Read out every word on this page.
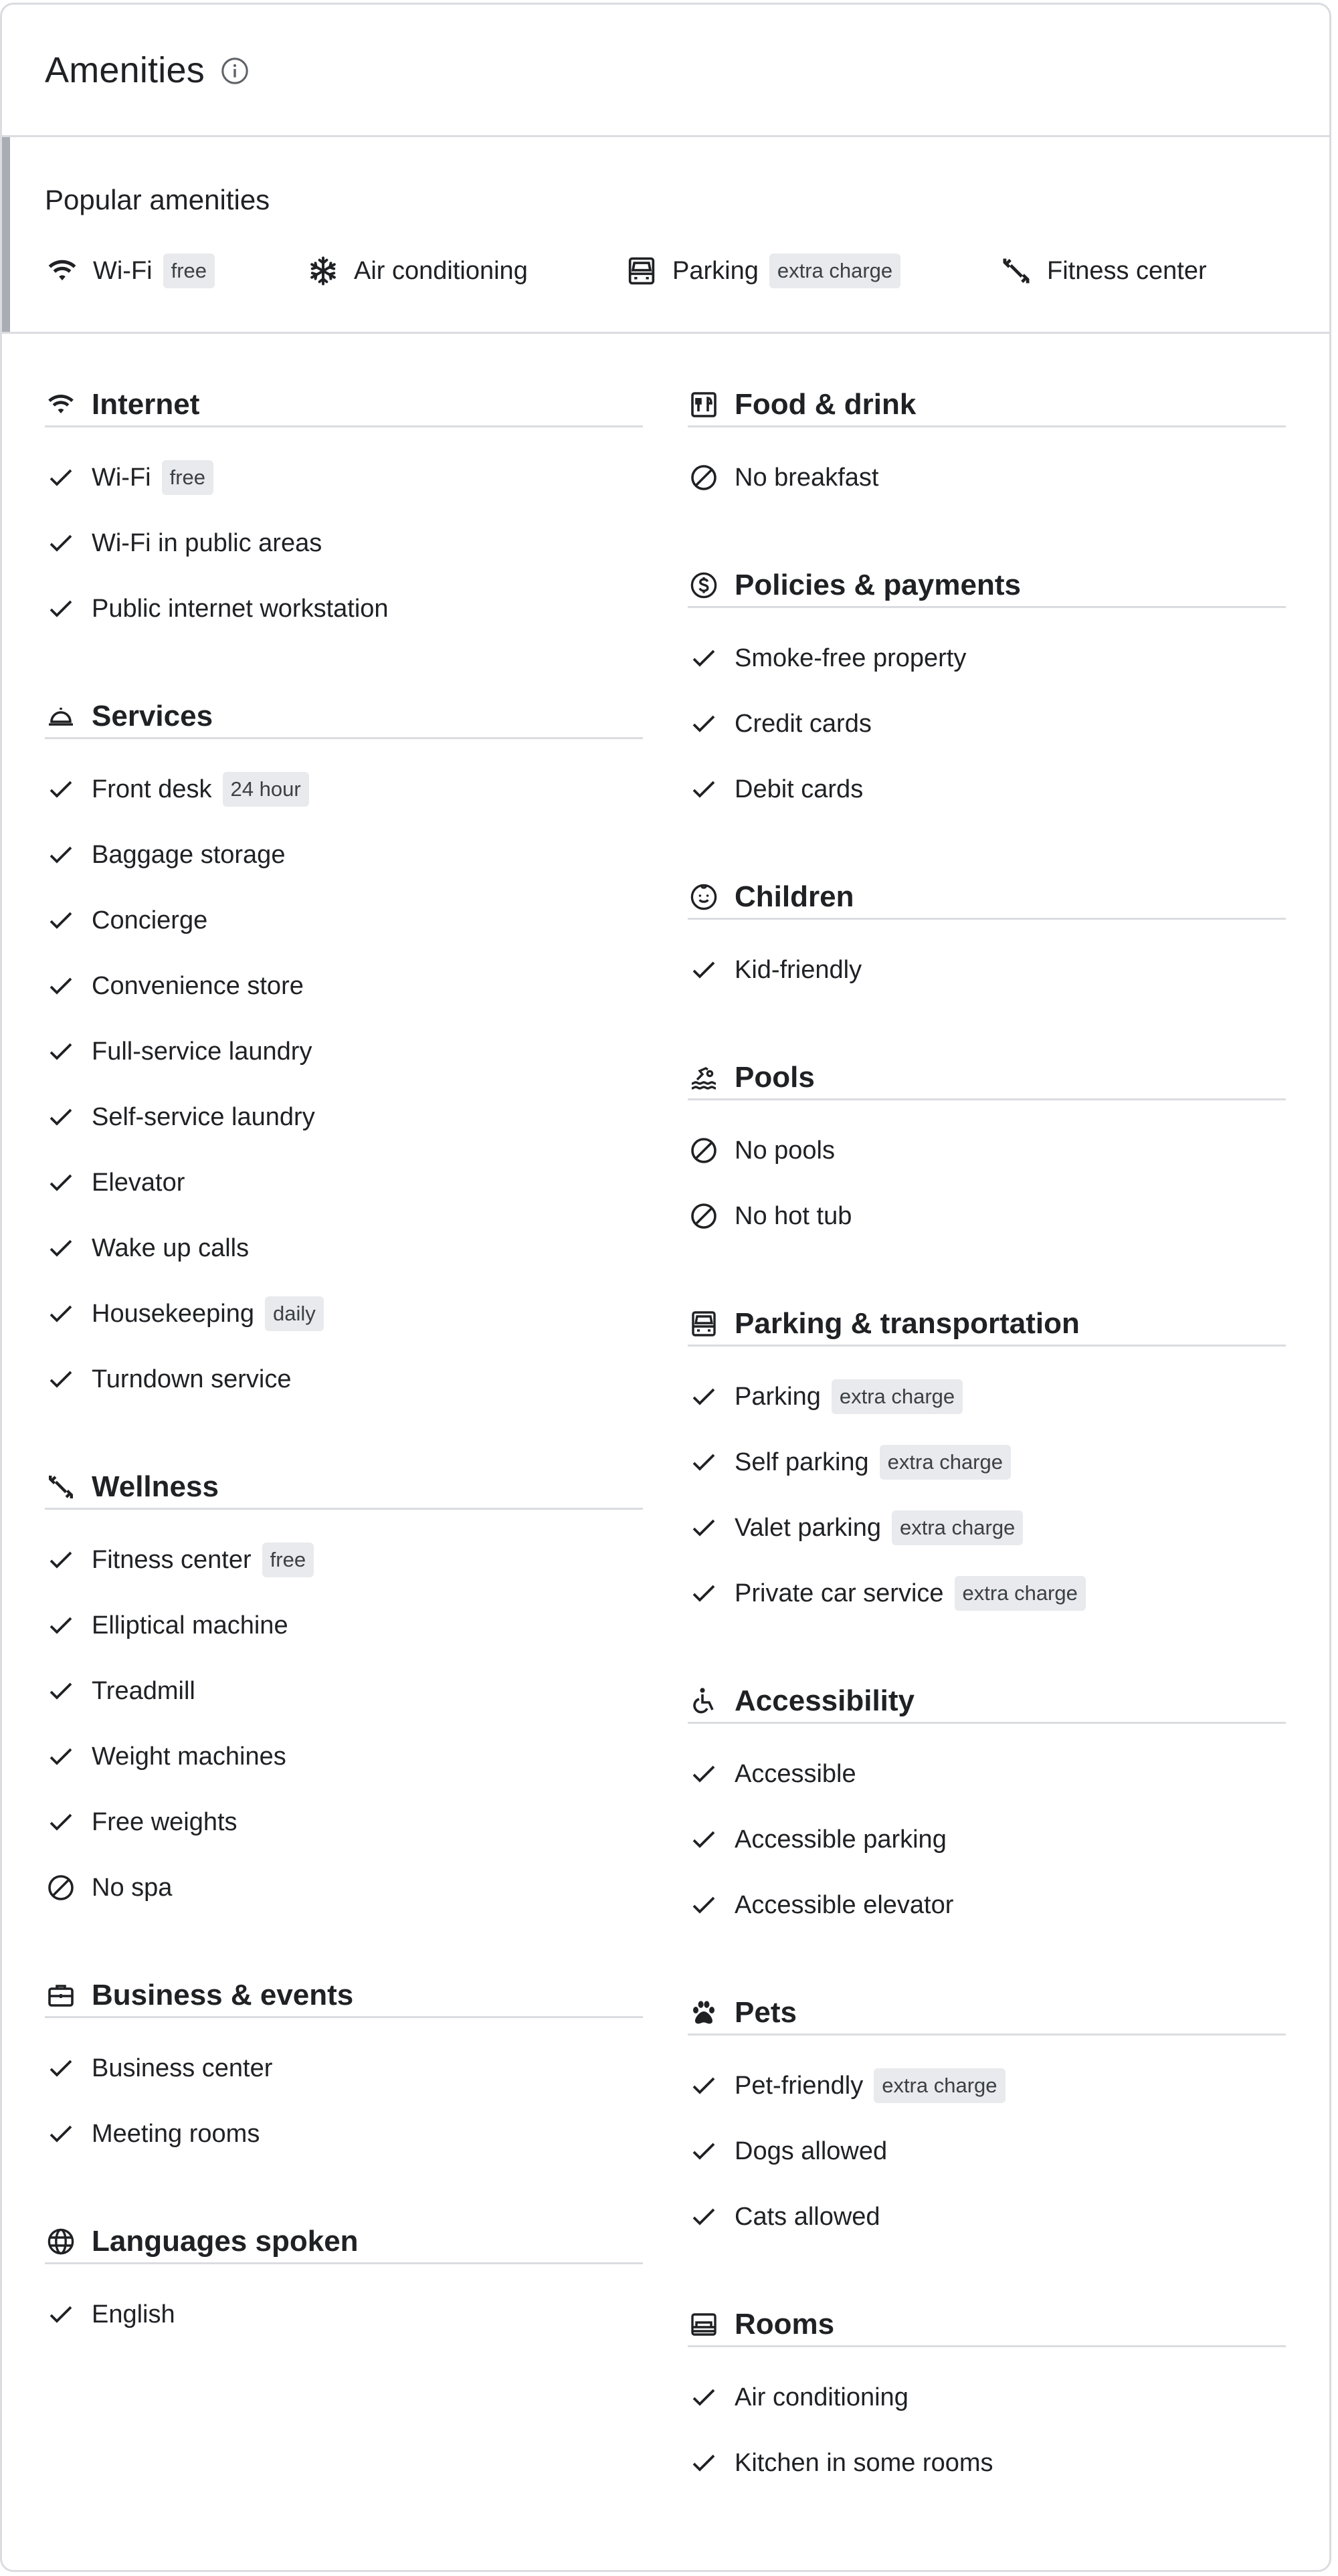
Amenities
Popular amenities
Wi-Fi free	Air conditioning	Parking extra charge	Fitness center
Internet
Wi-Fi free
Wi-Fi in public areas
Public internet workstation
Services
Front desk 24 hour
Baggage storage
Concierge
Convenience store
Full-service laundry
Self-service laundry
Elevator
Wake up calls
Housekeeping daily
Turndown service
Wellness
Fitness center free
Elliptical machine
Treadmill
Weight machines
Free weights
No spa
Business & events
Business center
Meeting rooms
Languages spoken
English
Food & drink
No breakfast
Policies & payments
Smoke-free property
Credit cards
Debit cards
Children
Kid-friendly
Pools
No pools
No hot tub
Parking & transportation
Parking extra charge
Self parking extra charge
Valet parking extra charge
Private car service extra charge
Accessibility
Accessible
Accessible parking
Accessible elevator
Pets
Pet-friendly extra charge
Dogs allowed
Cats allowed
Rooms
Air conditioning
Kitchen in some rooms
